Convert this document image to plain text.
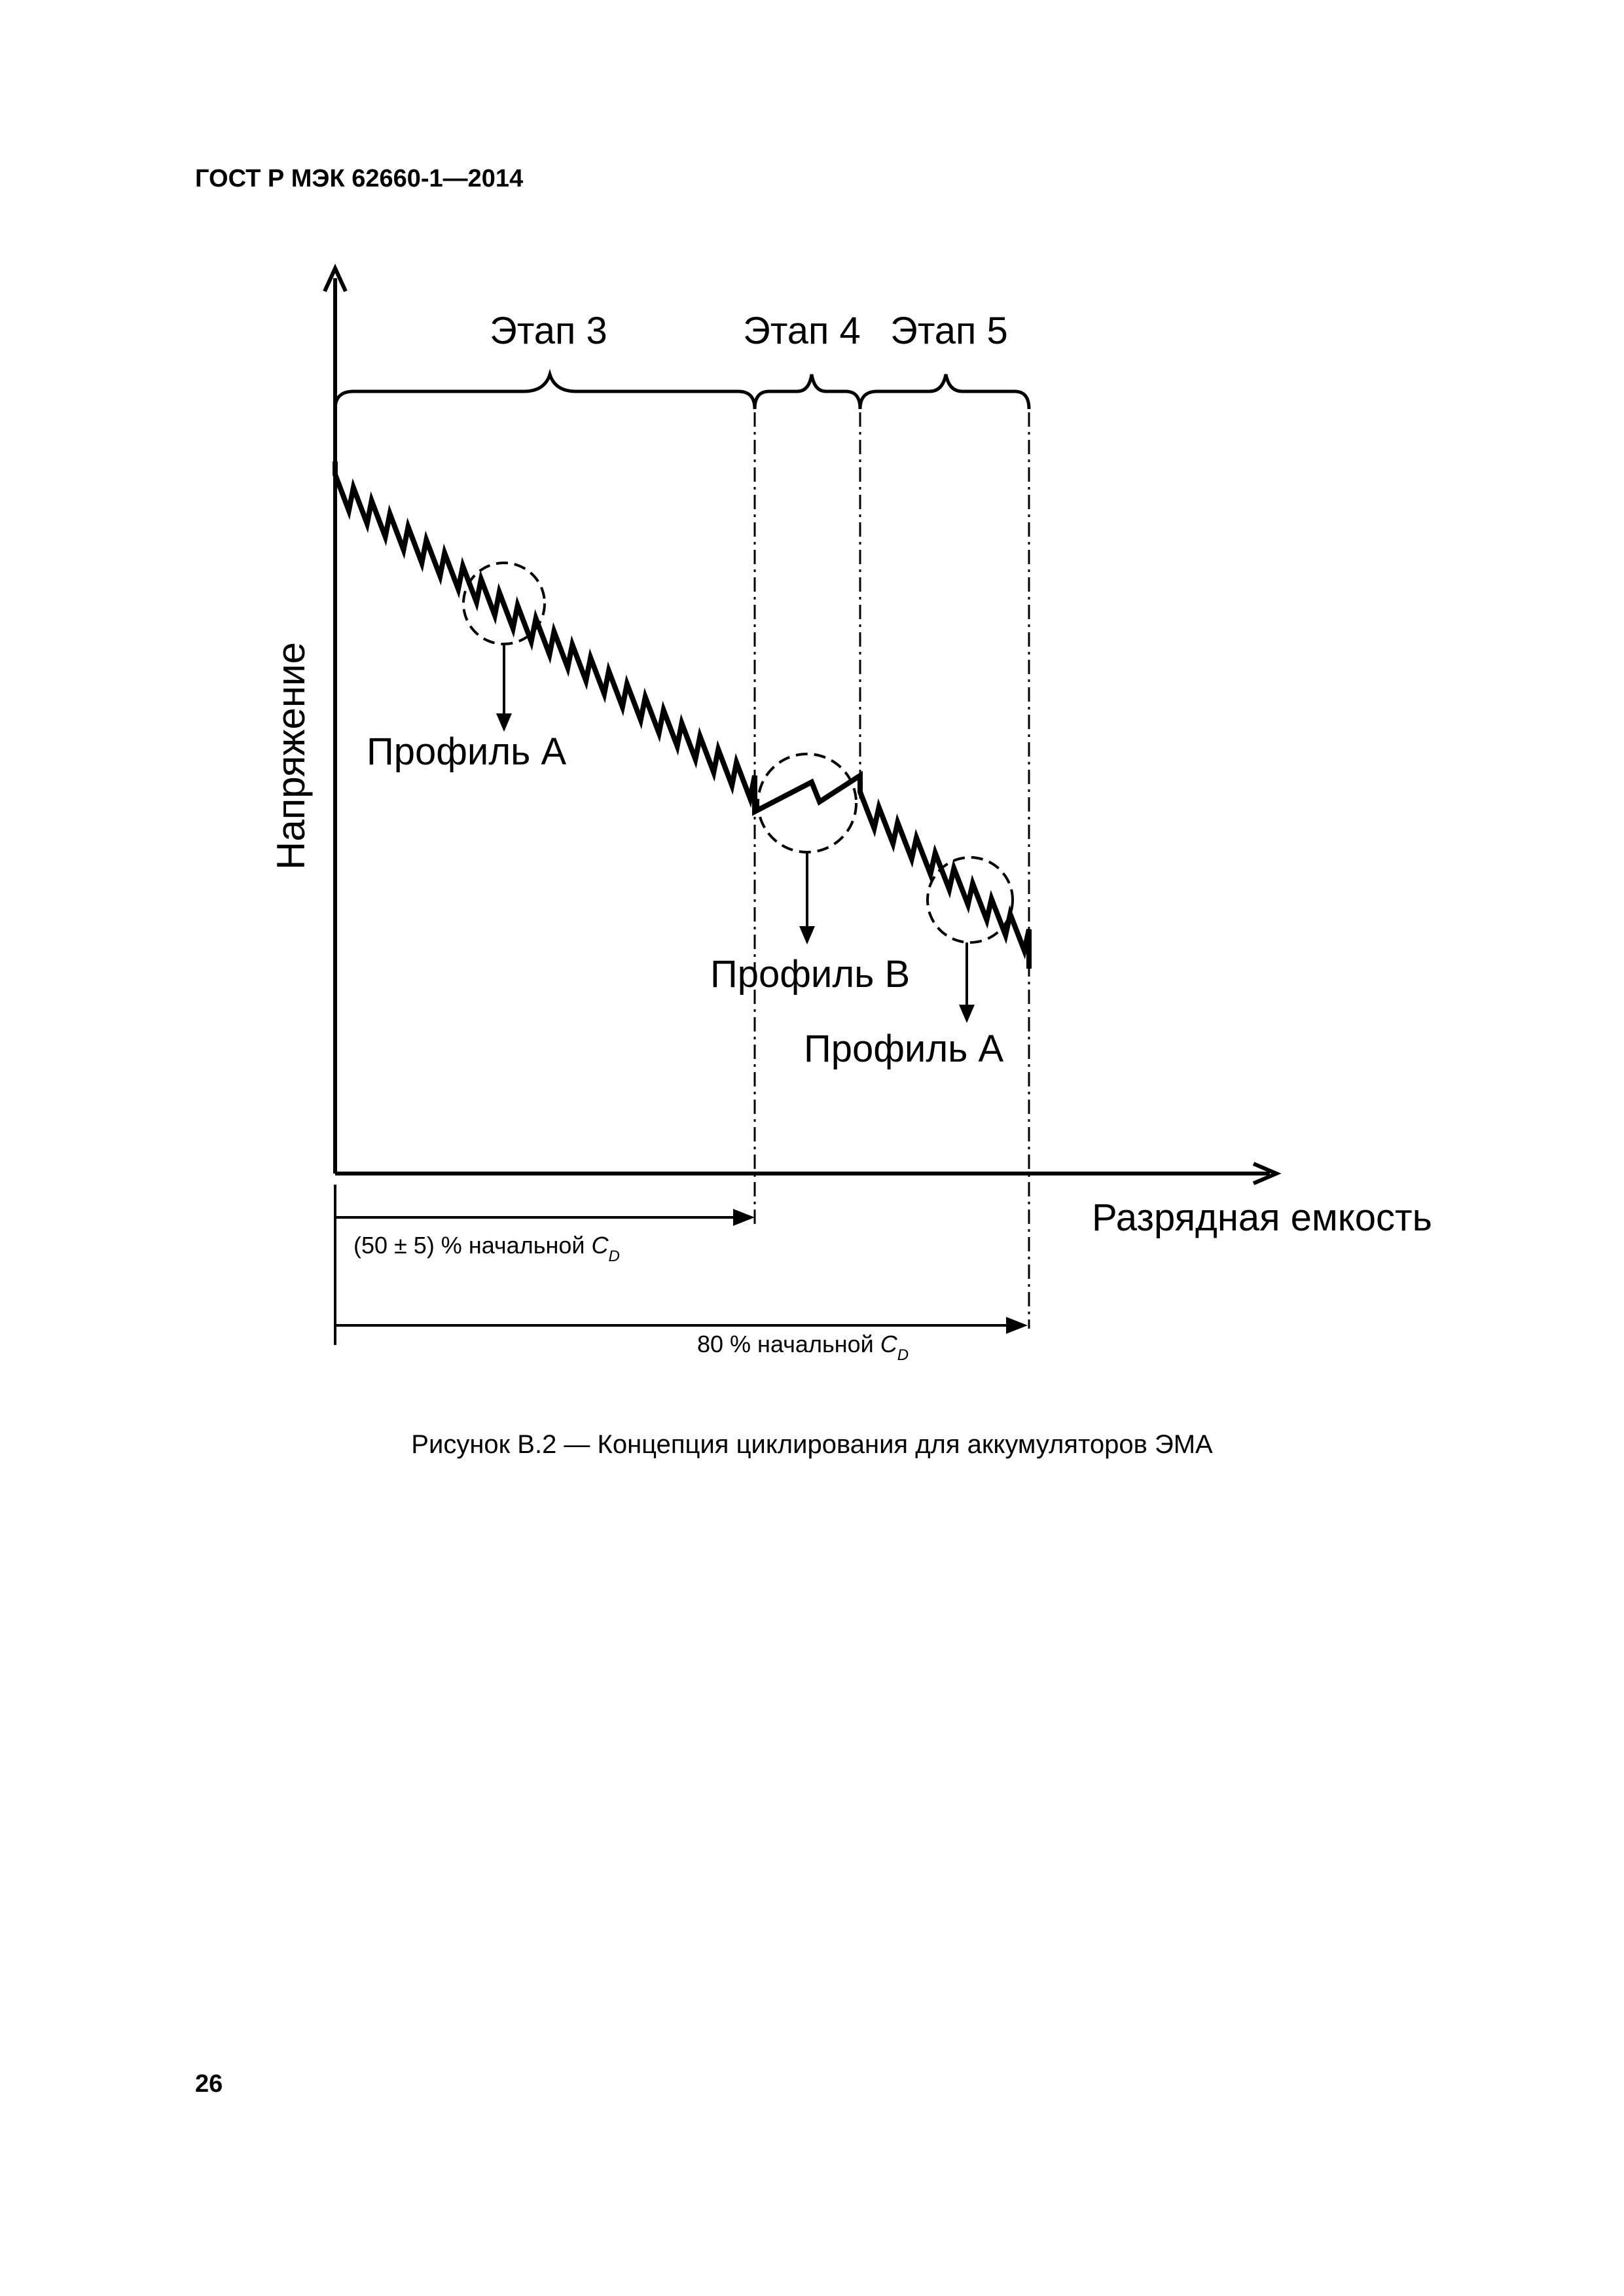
ГОСТ Р МЭК 62660-1—2014
Напряжение
Разрядная емкость
Этап 3	Этап 4 Этап 5
Профиль А
Профиль В
Профиль А
(50 ± 5) % начальной $C_D$
80 % начальной $C_D$
Рисунок B.2 — Концепция циклирования для аккумуляторов ЭМА
26
